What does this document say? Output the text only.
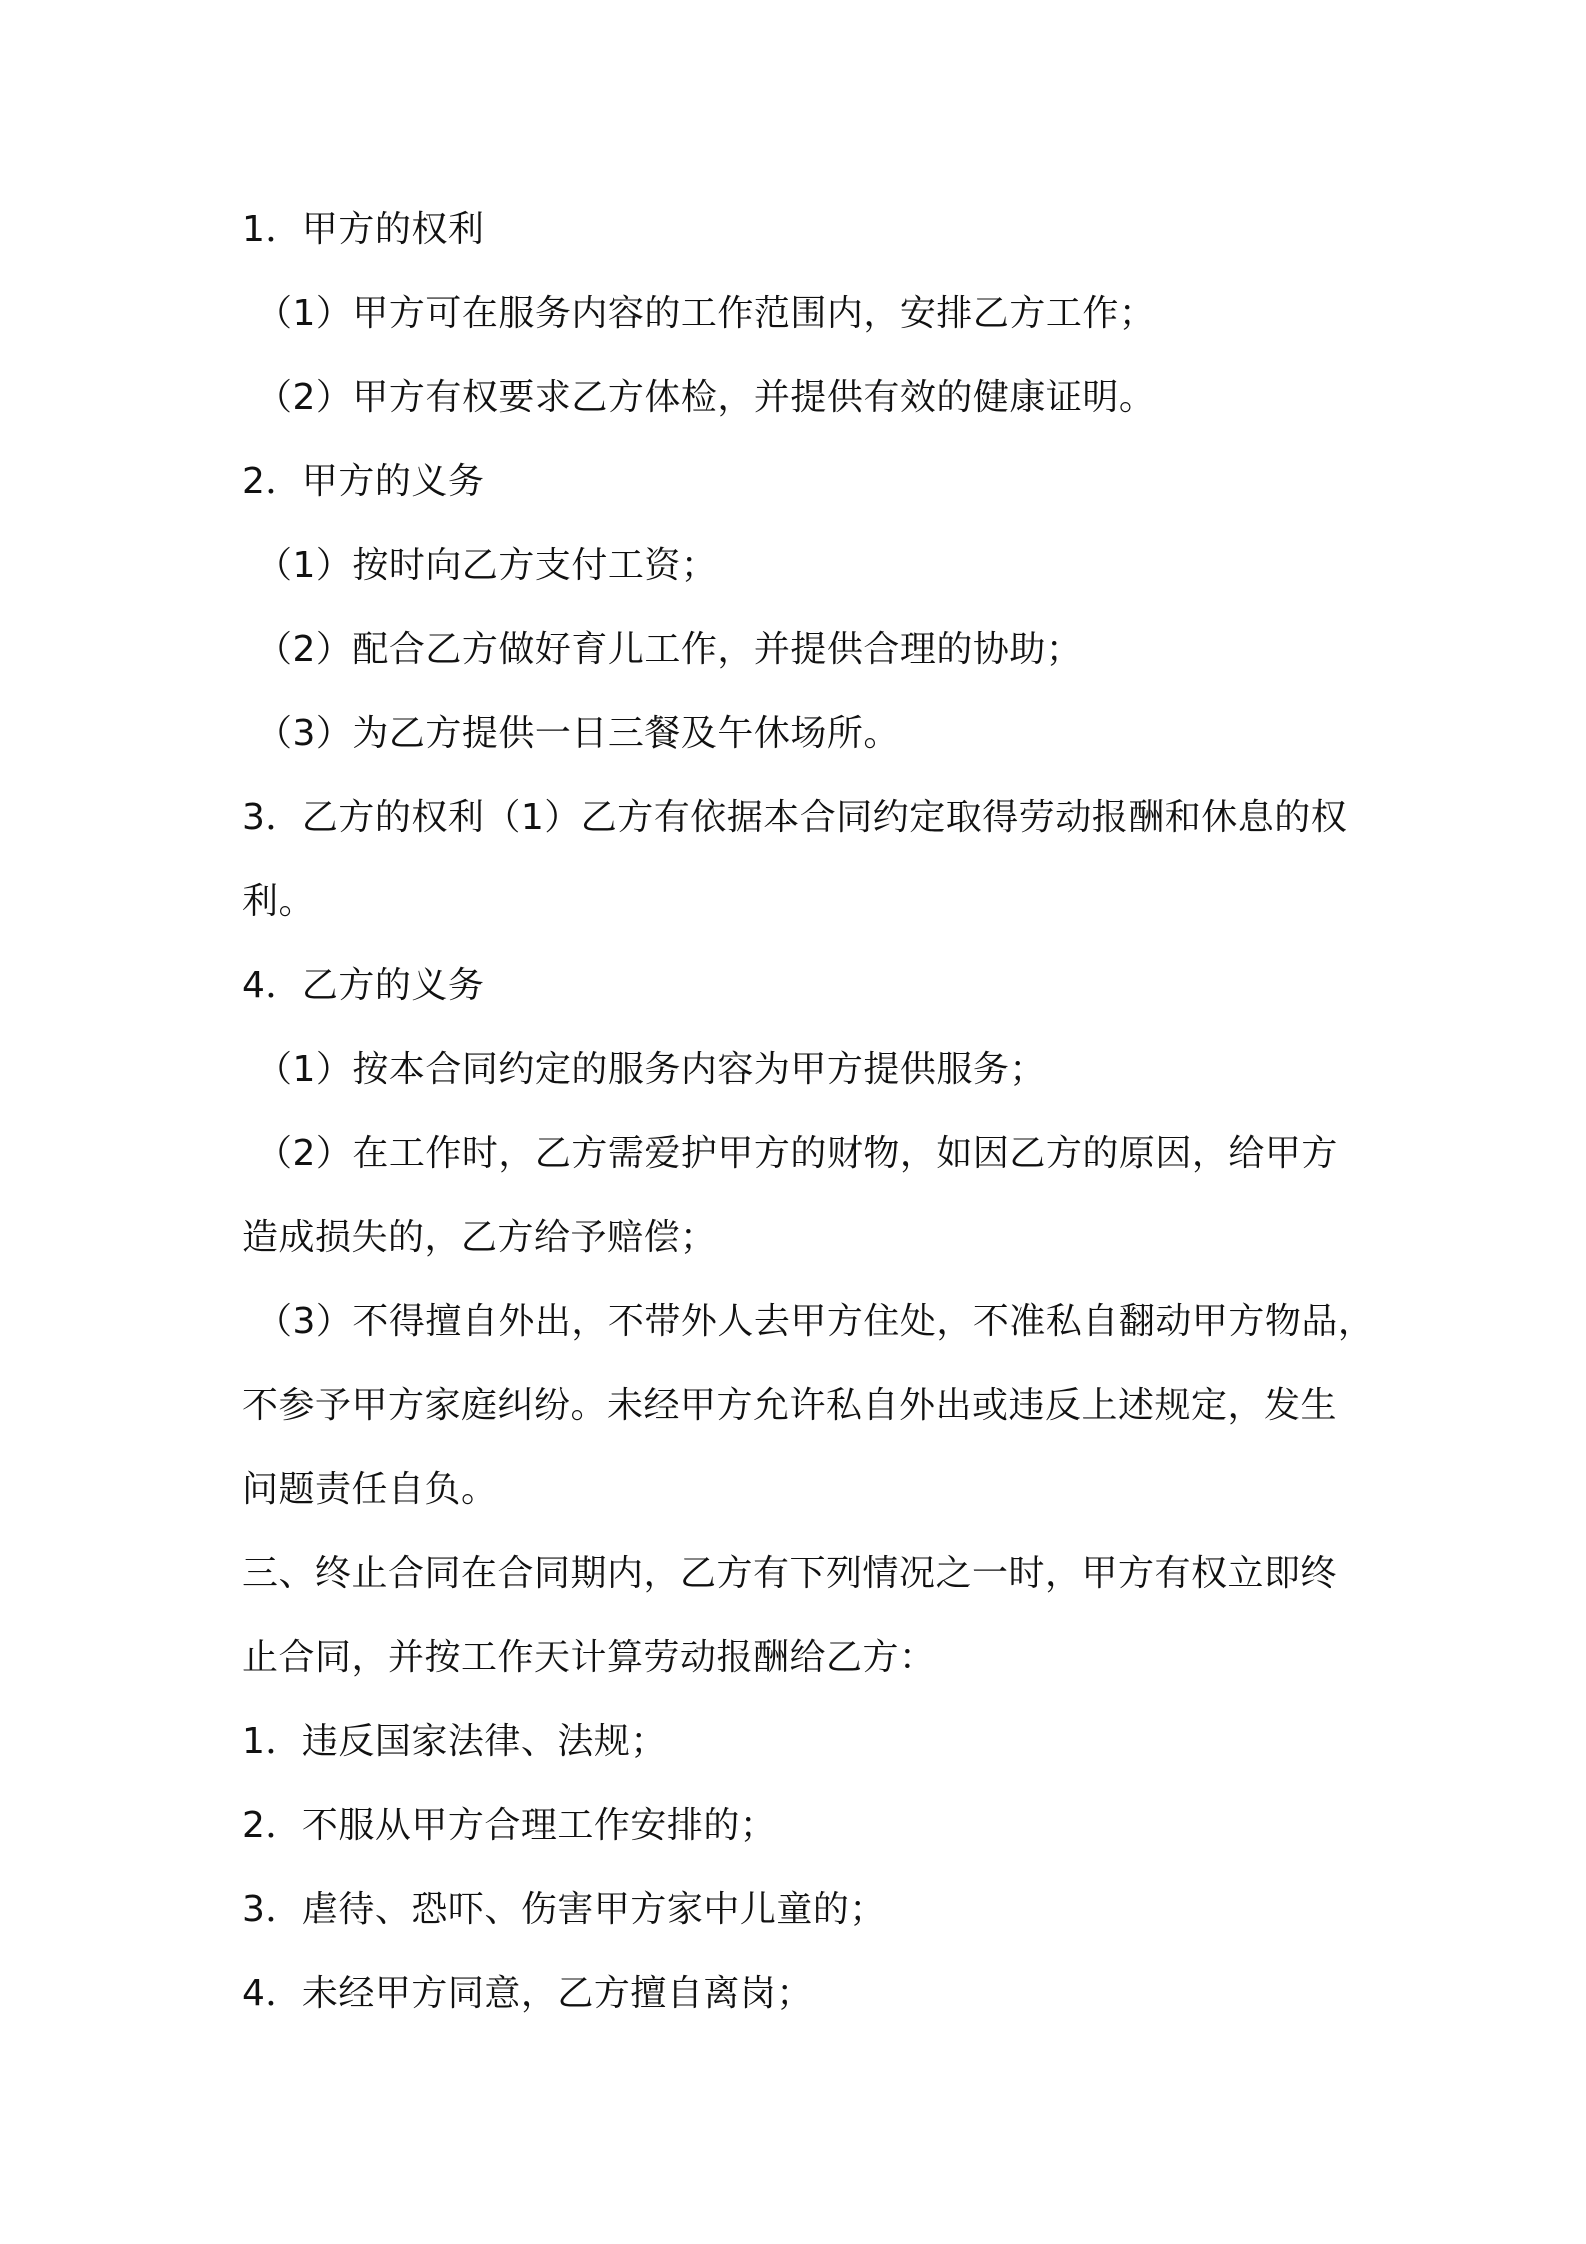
1．甲方的权利

（1）甲方可在服务内容的工作范围内，安排乙方工作；

（2）甲方有权要求乙方体检，并提供有效的健康证明。

2．甲方的义务

（1）按时向乙方支付工资；

（2）配合乙方做好育儿工作，并提供合理的协助；

（3）为乙方提供一日三餐及午休场所。

3．乙方的权利（1）乙方有依据本合同约定取得劳动报酬和休息的权

利。

4．乙方的义务

（1）按本合同约定的服务内容为甲方提供服务；

（2）在工作时，乙方需爱护甲方的财物，如因乙方的原因，给甲方

造成损失的，乙方给予赔偿；

（3）不得擅自外出，不带外人去甲方住处，不准私自翻动甲方物品，

不参予甲方家庭纠纷。未经甲方允许私自外出或违反上述规定，发生

问题责任自负。

三、终止合同在合同期内，乙方有下列情况之一时，甲方有权立即终

止合同，并按工作天计算劳动报酬给乙方：

1．违反国家法律、法规；

2．不服从甲方合理工作安排的；

3．虐待、恐吓、伤害甲方家中儿童的；

4．未经甲方同意，乙方擅自离岗；
